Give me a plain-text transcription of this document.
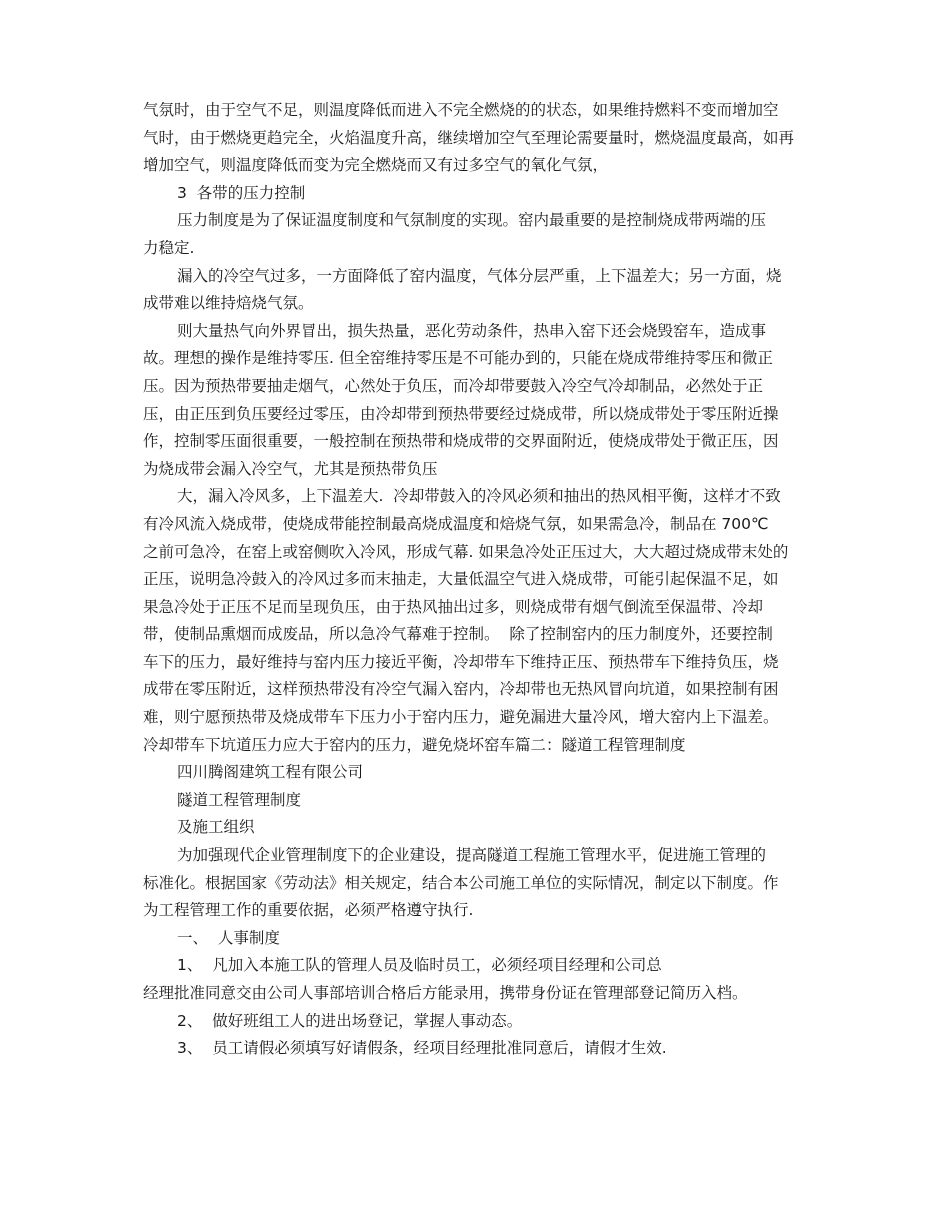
气氛时，由于空气不足，则温度降低而进入不完全燃烧的的状态，如果维持燃料不变而增加空
气时，由于燃烧更趋完全，火焰温度升高，继续增加空气至理论需要量时，燃烧温度最高，如再
增加空气，则温度降低而变为完全燃烧而又有过多空气的氧化气氛，
3  各带的压力控制
压力制度是为了保证温度制度和气氛制度的实现。窑内最重要的是控制烧成带两端的压
力稳定.
漏入的冷空气过多，一方面降低了窑内温度，气体分层严重，上下温差大；另一方面，烧
成带难以维持焙烧气氛。
则大量热气向外界冒出，损失热量，恶化劳动条件，热串入窑下还会烧毁窑车，造成事
故。理想的操作是维持零压. 但全窑维持零压是不可能办到的，只能在烧成带维持零压和微正
压。因为预热带要抽走烟气，心然处于负压，而冷却带要鼓入冷空气冷却制品，必然处于正
压，由正压到负压要经过零压，由冷却带到预热带要经过烧成带，所以烧成带处于零压附近操
作，控制零压面很重要，一般控制在预热带和烧成带的交界面附近，使烧成带处于微正压，因
为烧成带会漏入冷空气，尤其是预热带负压
大，漏入冷风多，上下温差大.  冷却带鼓入的冷风必须和抽出的热风相平衡，这样才不致
有冷风流入烧成带，使烧成带能控制最高烧成温度和焙烧气氛，如果需急冷，制品在 700℃
之前可急冷，在窑上或窑侧吹入冷风，形成气幕. 如果急冷处正压过大，大大超过烧成带末处的
正压，说明急冷鼓入的冷风过多而末抽走，大量低温空气进入烧成带，可能引起保温不足，如
果急冷处于正压不足而呈现负压，由于热风抽出过多，则烧成带有烟气倒流至保温带、冷却
带，使制品熏烟而成废品，所以急冷气幕难于控制。  除了控制窑内的压力制度外，还要控制
车下的压力，最好维持与窑内压力接近平衡，冷却带车下维持正压、预热带车下维持负压，烧
成带在零压附近，这样预热带没有冷空气漏入窑内，冷却带也无热风冒向坑道，如果控制有困
难，则宁愿预热带及烧成带车下压力小于窑内压力，避免漏进大量冷风，增大窑内上下温差。
冷却带车下坑道压力应大于窑内的压力，避免烧坏窑车篇二：隧道工程管理制度
四川腾阁建筑工程有限公司
隧道工程管理制度
及施工组织
为加强现代企业管理制度下的企业建设，提高隧道工程施工管理水平，促进施工管理的
标准化。根据国家《劳动法》相关规定，结合本公司施工单位的实际情况，制定以下制度。作
为工程管理工作的重要依据，必须严格遵守执行.
一、  人事制度
1、  凡加入本施工队的管理人员及临时员工，必须经项目经理和公司总
经理批准同意交由公司人事部培训合格后方能录用，携带身份证在管理部登记简历入档。
2、  做好班组工人的进出场登记，掌握人事动态。
3、  员工请假必须填写好请假条，经项目经理批准同意后，请假才生效.
